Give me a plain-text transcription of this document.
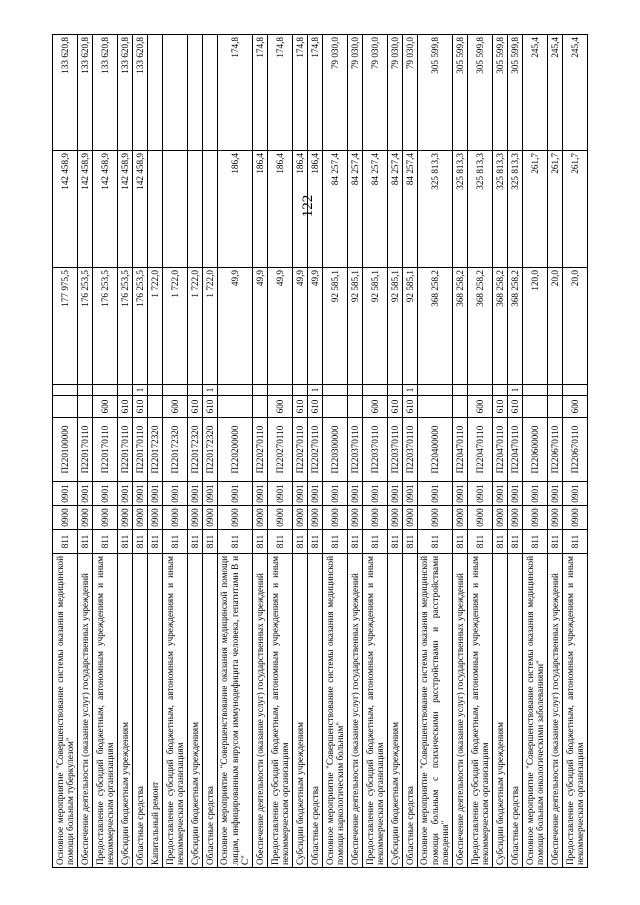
122
Основное мероприятие "Совершенствование системы оказания медицинской помощи больным туберкулезом"	811	0900	0901	П220100000			177 975,5	142 458,9	133 620,8
Обеспечение деятельности (оказание услуг) государственных учреждений	811	0900	0901	П220170110			176 253,5	142 458,9	133 620,8
Предоставление субсидий бюджетным, автономным учреждениям и иным некоммерческим организациям	811	0900	0901	П220170110	600		176 253,5	142 458,9	133 620,8
Субсидии бюджетным учреждениям	811	0900	0901	П220170110	610		176 253,5	142 458,9	133 620,8
Областные средства	811	0900	0901	П220170110	610	1	176 253,5	142 458,9	133 620,8
Капитальный ремонт	811	0900	0901	П220172320			1 722,0		
Предоставление субсидий бюджетным, автономным учреждениям и иным некоммерческим организациям	811	0900	0901	П220172320	600		1 722,0		
Субсидии бюджетным учреждениям	811	0900	0901	П220172320	610		1 722,0		
Областные средства	811	0900	0901	П220172320	610	1	1 722,0		
Основное мероприятие "Совершенствование оказания медицинской помощи лицам, инфицированным вирусом иммунодефицита человека, гепатитами В и С"	811	0900	0901	П220200000			49,9	186,4	174,8
Обеспечение деятельности (оказание услуг) государственных учреждений	811	0900	0901	П220270110			49,9	186,4	174,8
Предоставление субсидий бюджетным, автономным учреждениям и иным некоммерческим организациям	811	0900	0901	П220270110	600		49,9	186,4	174,8
Субсидии бюджетным учреждениям	811	0900	0901	П220270110	610		49,9	186,4	174,8
Областные средства	811	0900	0901	П220270110	610	1	49,9	186,4	174,8
Основное мероприятие "Совершенствование системы оказания медицинской помощи наркологическим больным"	811	0900	0901	П220300000			92 585,1	84 257,4	79 030,0
Обеспечение деятельности (оказание услуг) государственных учреждений	811	0900	0901	П220370110			92 585,1	84 257,4	79 030,0
Предоставление субсидий бюджетным, автономным учреждениям и иным некоммерческим организациям	811	0900	0901	П220370110	600		92 585,1	84 257,4	79 030,0
Субсидии бюджетным учреждениям	811	0900	0901	П220370110	610		92 585,1	84 257,4	79 030,0
Областные средства	811	0900	0901	П220370110	610	1	92 585,1	84 257,4	79 030,0
Основное мероприятие "Совершенствование системы оказания медицинской помощи больным с психическими расстройствами и расстройствами поведения"	811	0900	0901	П220400000			368 258,2	325 813,3	305 599,8
Обеспечение деятельности (оказание услуг) государственных учреждений	811	0900	0901	П220470110			368 258,2	325 813,3	305 599,8
Предоставление субсидий бюджетным, автономным учреждениям и иным некоммерческим организациям	811	0900	0901	П220470110	600		368 258,2	325 813,3	305 599,8
Субсидии бюджетным учреждениям	811	0900	0901	П220470110	610		368 258,2	325 813,3	305 599,8
Областные средства	811	0900	0901	П220470110	610	1	368 258,2	325 813,3	305 599,8
Основное мероприятие "Совершенствование системы оказания медицинской помощи больным онкологическими заболеваниями"	811	0900	0901	П220600000			120,0	261,7	245,4
Обеспечение деятельности (оказание услуг) государственных учреждений	811	0900	0901	П220670110			20,0	261,7	245,4
Предоставление субсидий бюджетным, автономным учреждениям и иным некоммерческим организациям	811	0900	0901	П220670110	600		20,0	261,7	245,4
